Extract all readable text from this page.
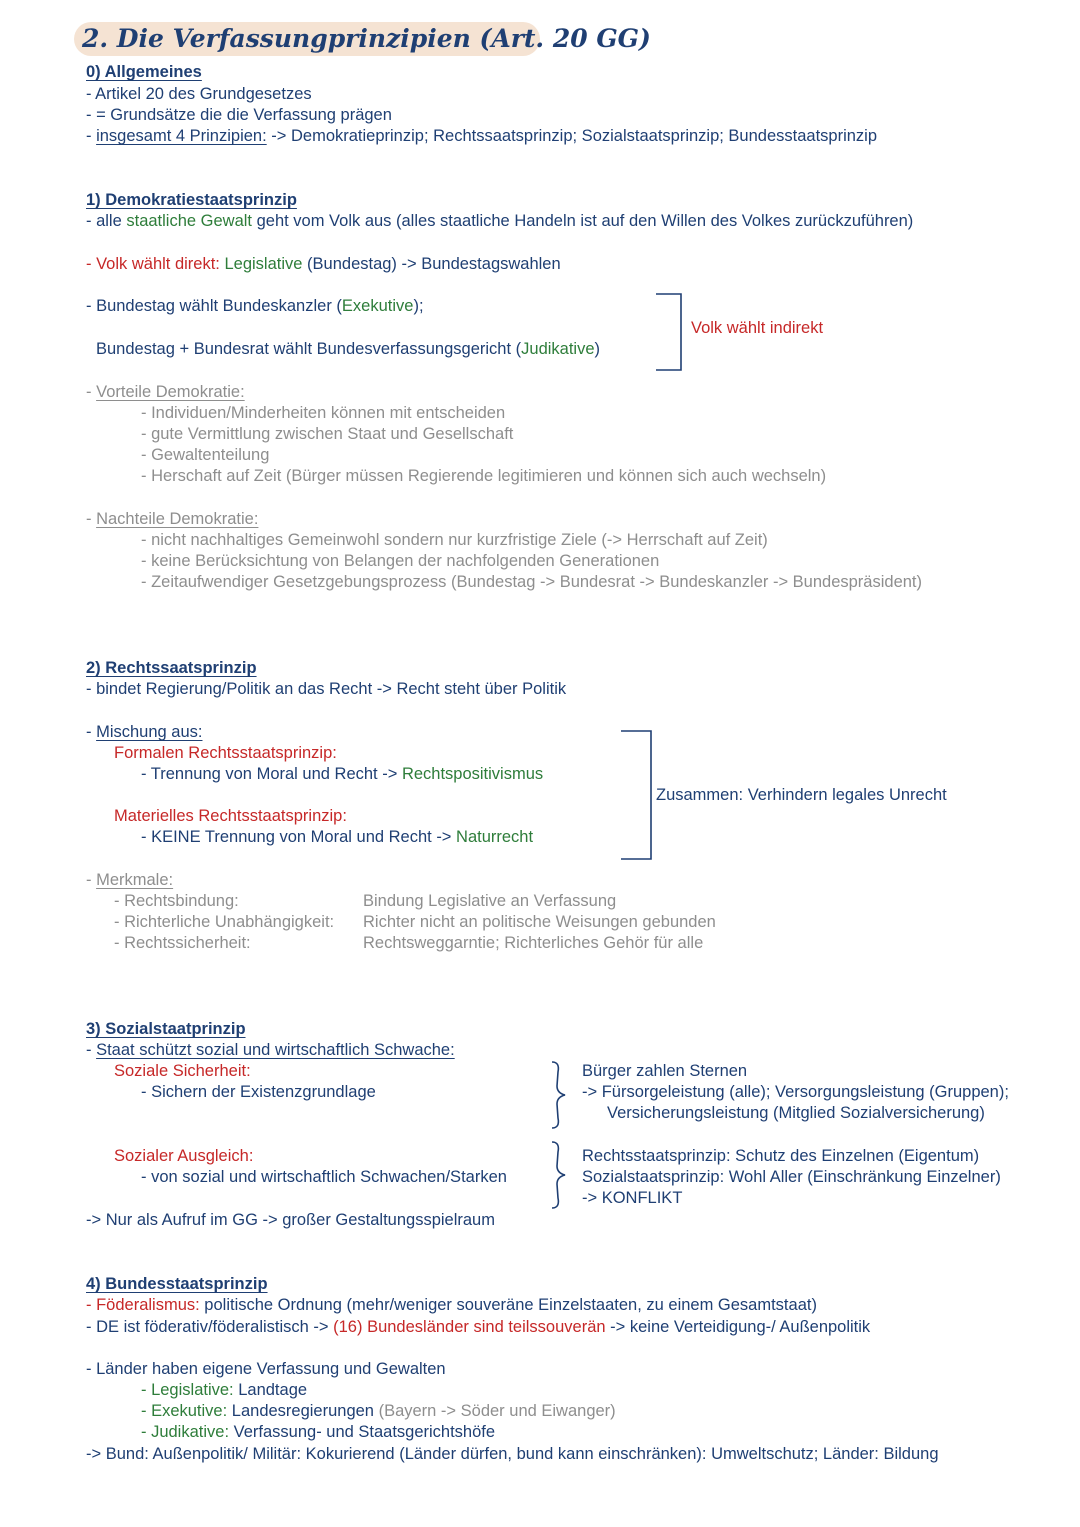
2. Die Verfassungprinzipien (Art. 20 GG)
0) Allgemeines
- Artikel 20 des Grundgesetzes
- = Grundsätze die die Verfassung prägen
- insgesamt 4 Prinzipien: -> Demokratieprinzip; Rechtssaatsprinzip; Sozialstaatsprinzip; Bundesstaatsprinzip
1) Demokratiestaatsprinzip
- alle staatliche Gewalt geht vom Volk aus (alles staatliche Handeln ist auf den Willen des Volkes zurückzuführen)
- Volk wählt direkt: Legislative (Bundestag) -> Bundestagswahlen
- Bundestag wählt Bundeskanzler (Exekutive);
Bundestag + Bundesrat wählt Bundesverfassungsgericht (Judikative)
Volk wählt indirekt
- Vorteile Demokratie:
- Individuen/Minderheiten können mit entscheiden
- gute Vermittlung zwischen Staat und Gesellschaft
- Gewaltenteilung
- Herschaft auf Zeit (Bürger müssen Regierende legitimieren und können sich auch wechseln)
- Nachteile Demokratie:
- nicht nachhaltiges Gemeinwohl sondern nur kurzfristige Ziele (-> Herrschaft auf Zeit)
- keine Berücksichtung von Belangen der nachfolgenden Generationen
- Zeitaufwendiger Gesetzgebungsprozess (Bundestag -> Bundesrat -> Bundeskanzler -> Bundespräsident)
2) Rechtssaatsprinzip
- bindet Regierung/Politik an das Recht -> Recht steht über Politik
- Mischung aus:
Formalen Rechtsstaatsprinzip:
- Trennung von Moral und Recht -> Rechtspositivismus
Materielles Rechtsstaatsprinzip:
- KEINE Trennung von Moral und Recht -> Naturrecht
Zusammen: Verhindern legales Unrecht
- Merkmale:
- Rechtsbindung:	Bindung Legislative an Verfassung
- Richterliche Unabhängigkeit: Richter nicht an politische Weisungen gebunden
- Rechtssicherheit:	Rechtsweggarntie; Richterliches Gehör für alle
3) Sozialstaatprinzip
- Staat schützt sozial und wirtschaftlich Schwache:
Soziale Sicherheit:
- Sichern der Existenzgrundlage
Bürger zahlen Sternen
-> Fürsorgeleistung (alle); Versorgungsleistung (Gruppen);
Versicherungsleistung (Mitglied Sozialversicherung)
Sozialer Ausgleich:
- von sozial und wirtschaftlich Schwachen/Starken
Rechtsstaatsprinzip: Schutz des Einzelnen (Eigentum)
Sozialstaatsprinzip: Wohl Aller (Einschränkung Einzelner)
-> KONFLIKT
-> Nur als Aufruf im GG -> großer Gestaltungsspielraum
4) Bundesstaatsprinzip
- Föderalismus: politische Ordnung (mehr/weniger souveräne Einzelstaaten, zu einem Gesamtstaat)
- DE ist föderativ/föderalistisch -> (16) Bundesländer sind teilssouverän -> keine Verteidigung-/ Außenpolitik
- Länder haben eigene Verfassung und Gewalten
- Legislative: Landtage
- Exekutive: Landesregierungen (Bayern -> Söder und Eiwanger)
- Judikative: Verfassung- und Staatsgerichtshöfe
-> Bund: Außenpolitik/ Militär: Kokurierend (Länder dürfen, bund kann einschränken): Umweltschutz; Länder: Bildung
